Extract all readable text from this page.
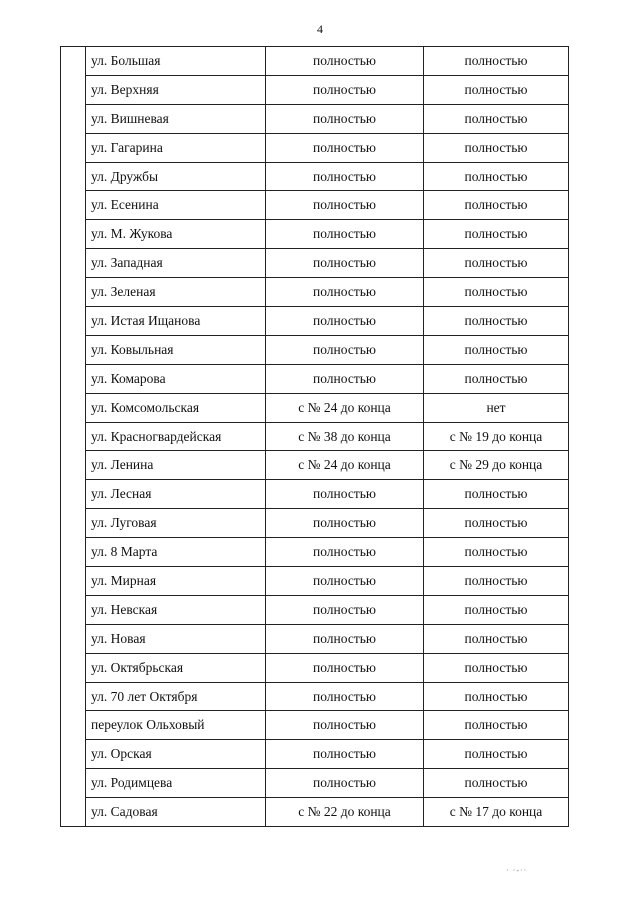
4
	ул. Большая	полностью	полностью
	ул. Верхняя	полностью	полностью
	ул. Вишневая	полностью	полностью
	ул. Гагарина	полностью	полностью
	ул. Дружбы	полностью	полностью
	ул. Есенина	полностью	полностью
	ул. М. Жукова	полностью	полностью
	ул. Западная	полностью	полностью
	ул. Зеленая	полностью	полностью
	ул. Истая Ищанова	полностью	полностью
	ул. Ковыльная	полностью	полностью
	ул. Комарова	полностью	полностью
	ул. Комсомольская	с № 24 до конца	нет
	ул. Красногвардейская	с № 38 до конца	с № 19 до конца
	ул. Ленина	с № 24 до конца	с № 29 до конца
	ул. Лесная	полностью	полностью
	ул. Луговая	полностью	полностью
	ул. 8 Марта	полностью	полностью
	ул. Мирная	полностью	полностью
	ул. Невская	полностью	полностью
	ул. Новая	полностью	полностью
	ул. Октябрьская	полностью	полностью
	ул. 70 лет Октября	полностью	полностью
	переулок Ольховый	полностью	полностью
	ул. Орская	полностью	полностью
	ул. Родимцева	полностью	полностью
	ул. Садовая	с № 22 до конца	с № 17 до конца
· ·-··
